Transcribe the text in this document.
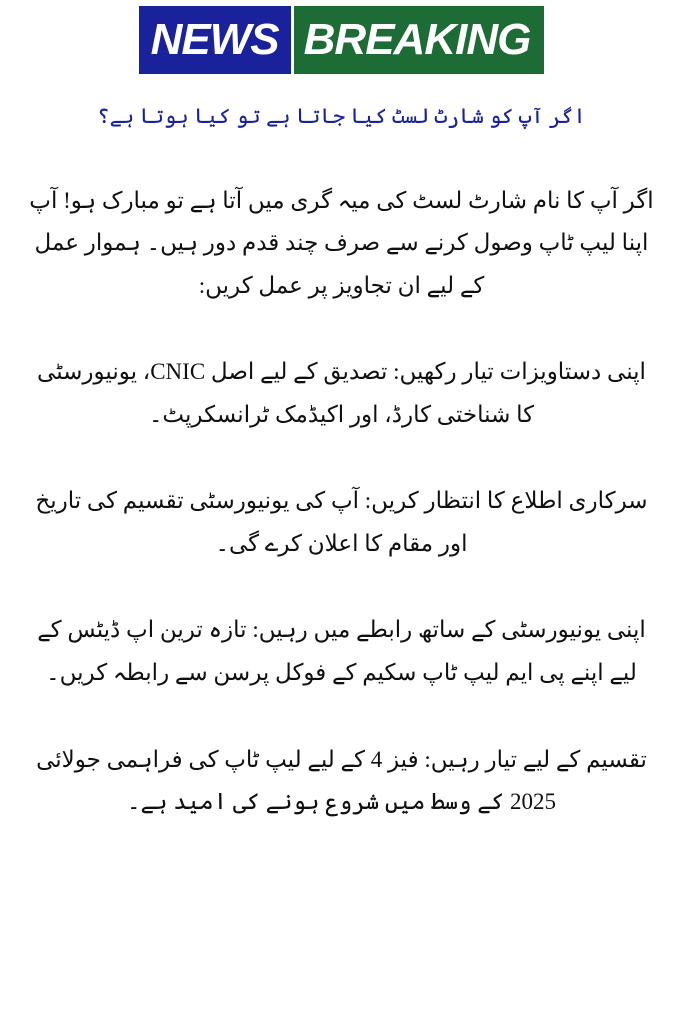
BREAKING
NEWS
اگر آپ کو شارٹ لسٹ کیا جاتا ہے تو کیا ہوتا ہے؟

اگر آپ کا نام شارٹ لسٹ کی میہ گری میں آتا ہے تو مبارک ہو! آپ اپنا لیپ ٹاپ وصول کرنے سے صرف چند قدم دور ہیں۔ ہموار عمل کے لیے ان تجاویز پر عمل کریں:

اپنی دستاویزات تیار رکھیں: تصدیق کے لیے اصل CNIC، یونیورسٹی کا شناختی کارڈ، اور اکیڈمک ٹرانسکرپٹ۔

سرکاری اطلاع کا انتظار کریں: آپ کی یونیورسٹی تقسیم کی تاریخ اور مقام کا اعلان کرے گی۔

اپنی یونیورسٹی کے ساتھ رابطے میں رہیں: تازہ ترین اپ ڈیٹس کے لیے اپنے پی ایم لیپ ٹاپ سکیم کے فوکل پرسن سے رابطہ کریں۔

تقسیم کے لیے تیار رہیں: فیز 4 کے لیے لیپ ٹاپ کی فراہمی جولائی 2025 کے وسط میں شروع ہونے کی امید ہے۔
